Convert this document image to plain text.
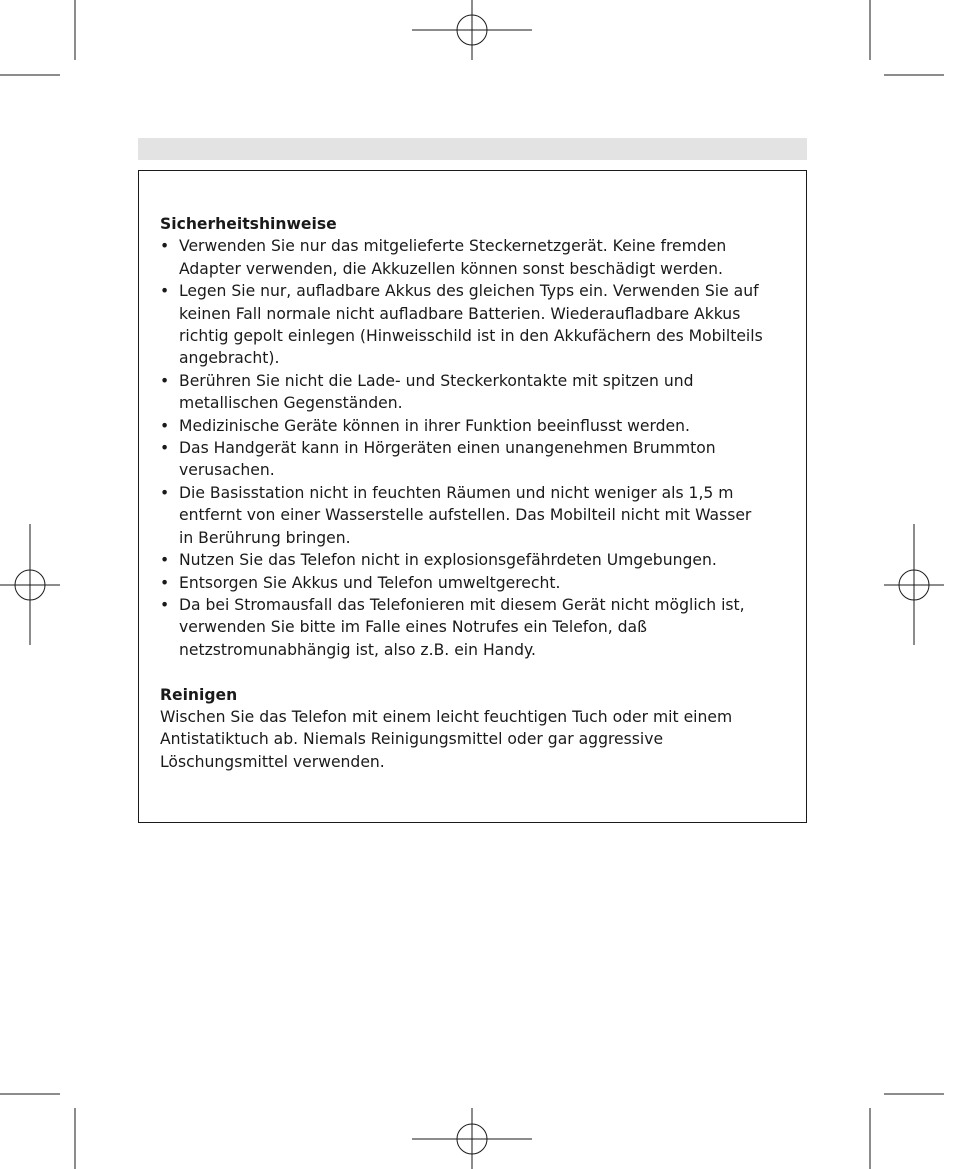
Sicherheitshinweise
• Verwenden Sie nur das mitgelieferte Steckernetzgerät. Keine fremden Adapter verwenden, die Akkuzellen können sonst beschädigt werden.
• Legen Sie nur, aufladbare Akkus des gleichen Typs ein. Verwenden Sie auf keinen Fall normale nicht aufladbare Batterien. Wiederaufladbare Akkus richtig gepolt einlegen (Hinweisschild ist in den Akkufächern des Mobilteils angebracht).
• Berühren Sie nicht die Lade- und Steckerkontakte mit spitzen und metallischen Gegenständen.
• Medizinische Geräte können in ihrer Funktion beeinflusst werden.
• Das Handgerät kann in Hörgeräten einen unangenehmen Brummton verusachen.
• Die Basisstation nicht in feuchten Räumen und nicht weniger als 1,5 m entfernt von einer Wasserstelle aufstellen. Das Mobilteil nicht mit Wasser in Berührung bringen.
• Nutzen Sie das Telefon nicht in explosionsgefährdeten Umgebungen.
• Entsorgen Sie Akkus und Telefon umweltgerecht.
• Da bei Stromausfall das Telefonieren mit diesem Gerät nicht möglich ist, verwenden Sie bitte im Falle eines Notrufes ein Telefon, daß netzstromunabhängig ist, also z.B. ein Handy.
Reinigen

Wischen Sie das Telefon mit einem leicht feuchtigen Tuch oder mit einem Antistatiktuch ab. Niemals Reinigungsmittel oder gar aggressive Löschungsmittel verwenden.
